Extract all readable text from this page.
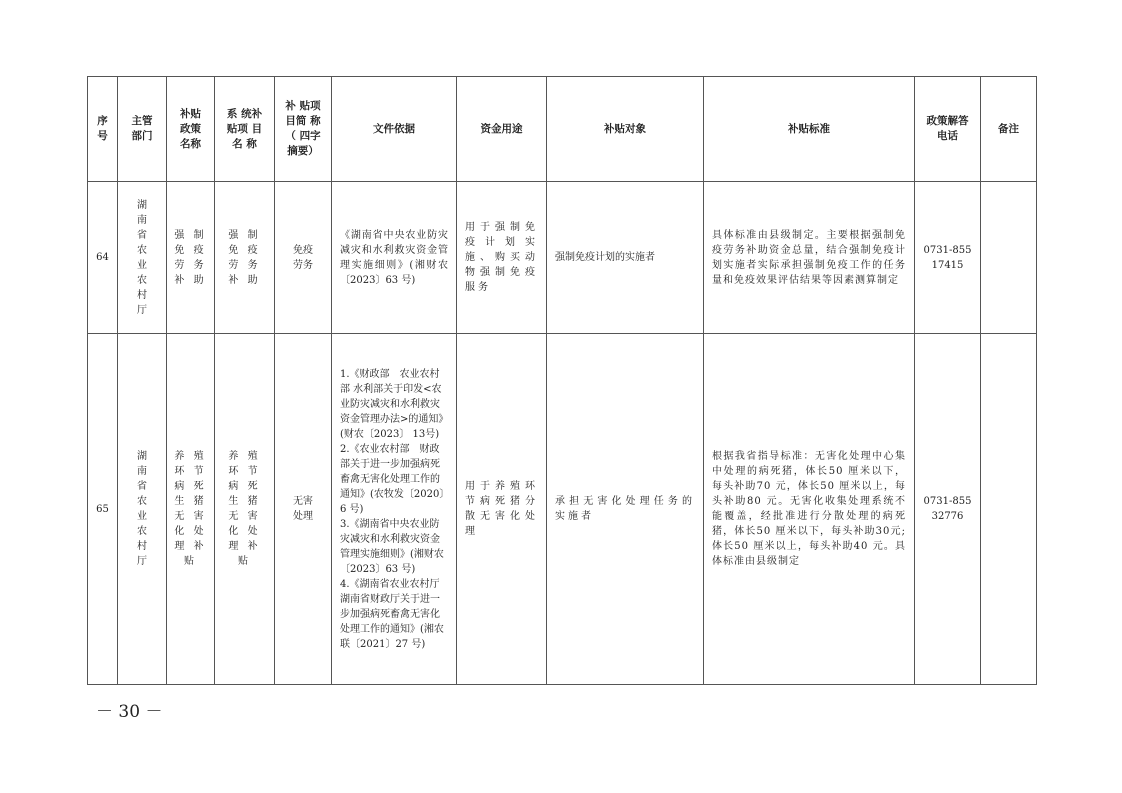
序号	主管部门	补贴政策名称	系 统补 贴项 目名 称	补 贴项 目简 称（ 四字 摘要）	文件依据	资金用途	补贴对象	补贴标准	政策解答电话	备注
64	湖南省农业农村厅	强 制免 疫劳 务补 助	强 制免 疫劳 务补 助	免疫劳务	《湖南省中央农业防灾减灾和水利救灾资金管理实施细则》(湘财农〔2023〕63 号)	用于强制免疫计划实施、购买动物强制免疫服务	强制免疫计划的实施者	具体标准由县级制定。主要根据强制免疫劳务补助资金总量，结合强制免疫计划实施者实际承担强制免疫工作的任务量和免疫效果评估结果等因素测算制定	0731-855 17415	
65	湖南省农业农村厅	养 殖环 节病 死生 猪无 害化 处理 补贴	养 殖环 节病 死生 猪无 害化 处理 补贴	无害处理	1.《财政部　农业农村部 水利部关于印发<农业防灾减灾和水利救灾资金管理办法>的通知》(财农〔2023〕 13号)
2.《农业农村部　财政部关于进一步加强病死畜禽无害化处理工作的通知》(农牧发〔2020〕6 号)
3.《湖南省中央农业防灾减灾和水利救灾资金管理实施细则》(湘财农〔2023〕63 号)
4.《湖南省农业农村厅湖南省财政厅关于进一步加强病死畜禽无害化处理工作的通知》(湘农联〔2021〕27 号)	用于养殖环节病死猪分散无害化处理	承担无害化处理任务的实施者	根据我省指导标准：无害化处理中心集中处理的病死猪，体长50 厘米以下，每头补助70 元，体长50 厘米以上，每头补助80 元。无害化收集处理系统不能覆盖，经批准进行分散处理的病死猪，体长50 厘米以下，每头补助30元;体长50 厘米以上，每头补助40 元。具体标准由县级制定	0731-855 32776	
－ 30 －
